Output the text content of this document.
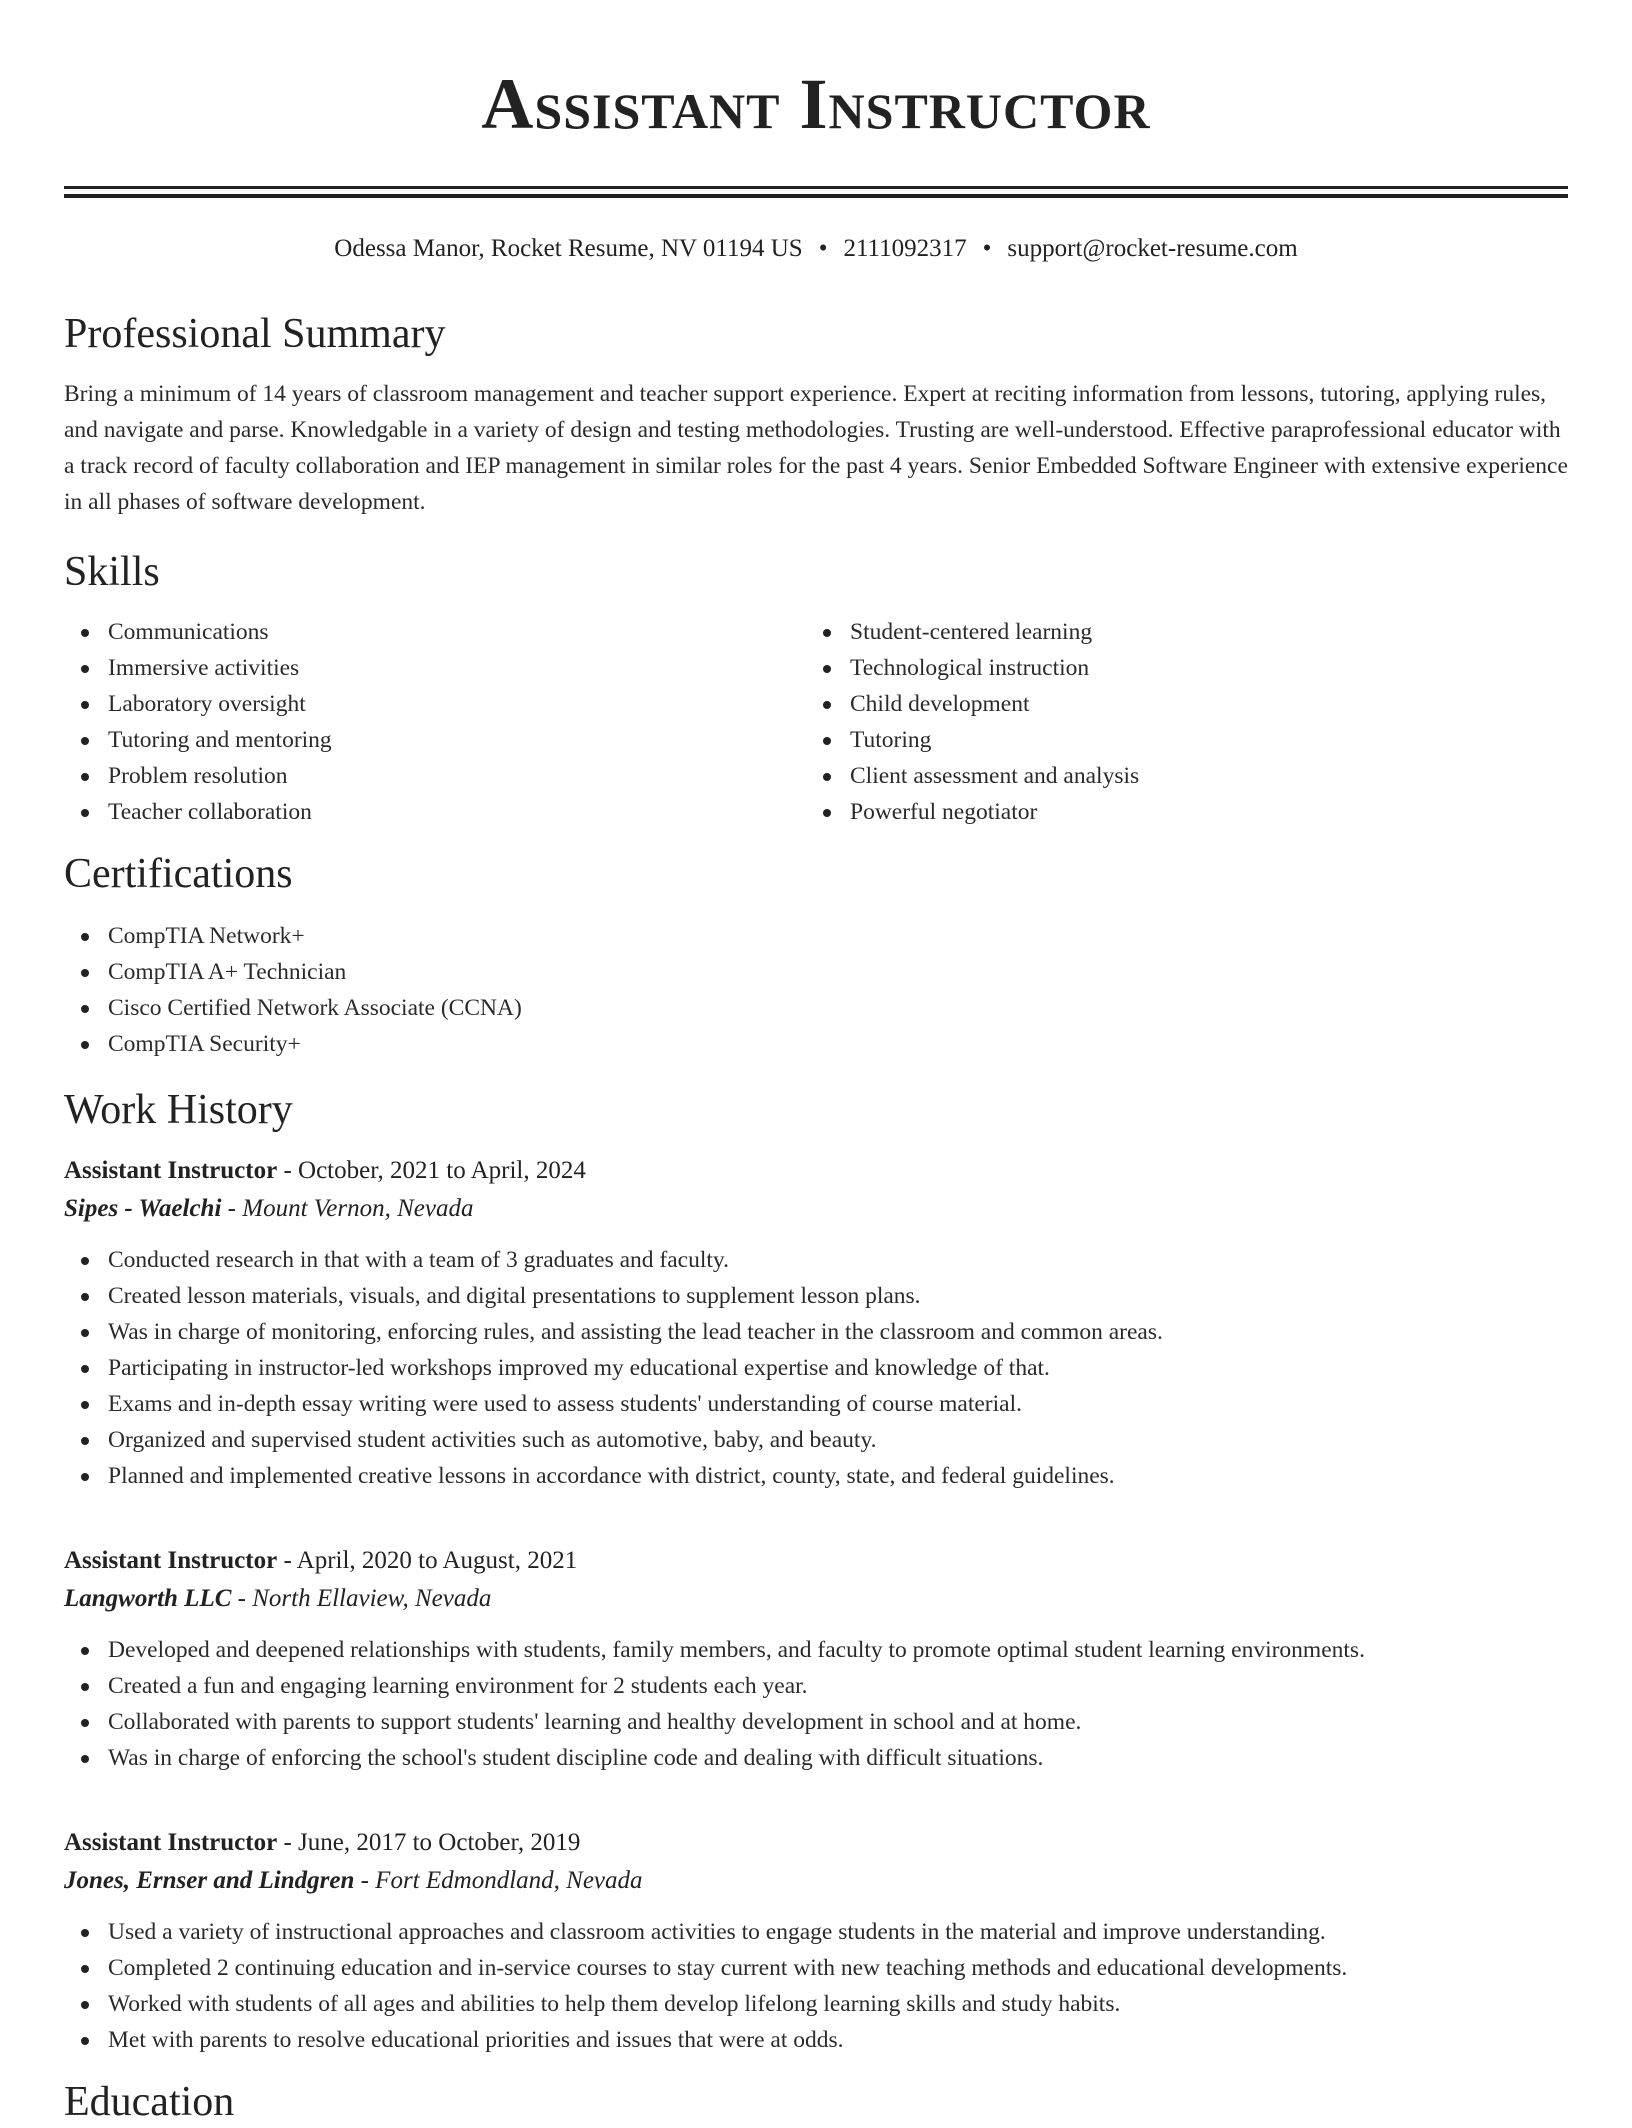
Assistant Instructor
Odessa Manor, Rocket Resume, NV 01194 US • 2111092317 • support@rocket-resume.com
Professional Summary

Bring a minimum of 14 years of classroom management and teacher support experience. Expert at reciting information from lessons, tutoring, applying rules, and navigate and parse. Knowledgable in a variety of design and testing methodologies. Trusting are well-understood. Effective paraprofessional educator with a track record of faculty collaboration and IEP management in similar roles for the past 4 years. Senior Embedded Software Engineer with extensive experience in all phases of software development.

Skills
Communications
Immersive activities
Laboratory oversight
Tutoring and mentoring
Problem resolution
Teacher collaboration
Student-centered learning
Technological instruction
Child development
Tutoring
Client assessment and analysis
Powerful negotiator
Certifications
CompTIA Network+
CompTIA A+ Technician
Cisco Certified Network Associate (CCNA)
CompTIA Security+
Work History
Assistant Instructor - October, 2021 to April, 2024
Sipes - Waelchi - Mount Vernon, Nevada
Conducted research in that with a team of 3 graduates and faculty.
Created lesson materials, visuals, and digital presentations to supplement lesson plans.
Was in charge of monitoring, enforcing rules, and assisting the lead teacher in the classroom and common areas.
Participating in instructor-led workshops improved my educational expertise and knowledge of that.
Exams and in-depth essay writing were used to assess students' understanding of course material.
Organized and supervised student activities such as automotive, baby, and beauty.
Planned and implemented creative lessons in accordance with district, county, state, and federal guidelines.
Assistant Instructor - April, 2020 to August, 2021
Langworth LLC - North Ellaview, Nevada
Developed and deepened relationships with students, family members, and faculty to promote optimal student learning environments.
Created a fun and engaging learning environment for 2 students each year.
Collaborated with parents to support students' learning and healthy development in school and at home.
Was in charge of enforcing the school's student discipline code and dealing with difficult situations.
Assistant Instructor - June, 2017 to October, 2019
Jones, Ernser and Lindgren - Fort Edmondland, Nevada
Used a variety of instructional approaches and classroom activities to engage students in the material and improve understanding.
Completed 2 continuing education and in-service courses to stay current with new teaching methods and educational developments.
Worked with students of all ages and abilities to help them develop lifelong learning skills and study habits.
Met with parents to resolve educational priorities and issues that were at odds.
Education
